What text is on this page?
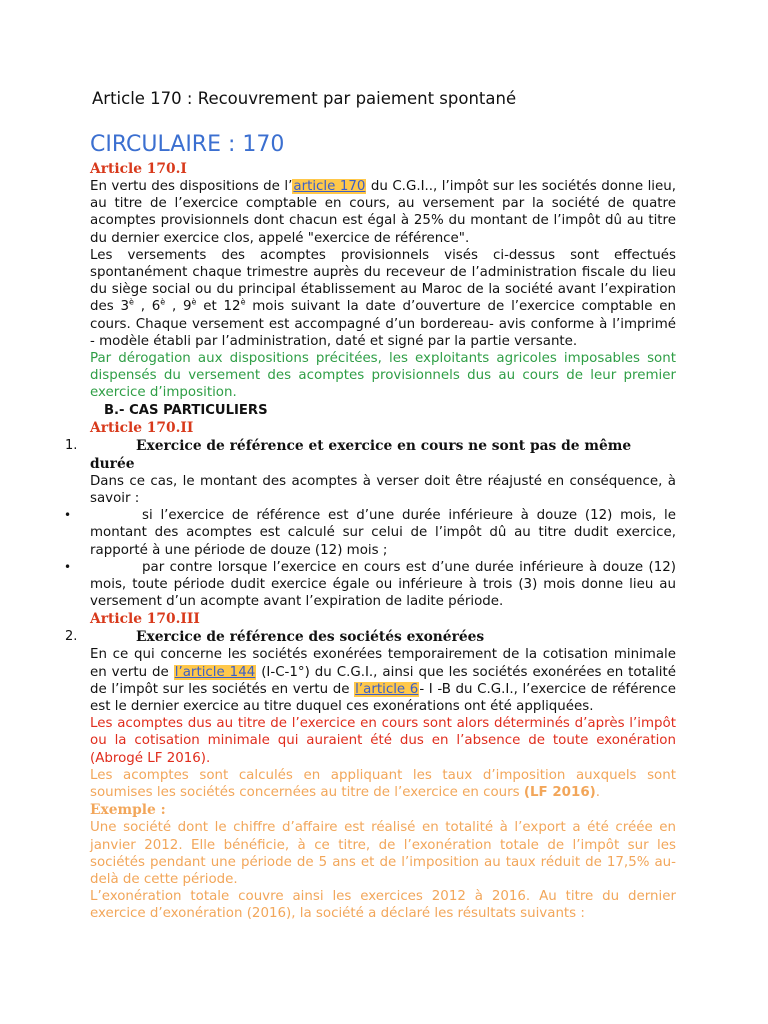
Article 170 : Recouvrement par paiement spontané
CIRCULAIRE : 170
Article 170.I
En vertu des dispositions de l’article 170 du C.G.I.., l’impôt sur les sociétés donne lieu, au titre de l’exercice comptable en cours, au versement par la société de quatre acomptes provisionnels dont chacun est égal à 25% du montant de l’impôt dû au titre du dernier exercice clos, appelé "exercice de référence".
Les versements des acomptes provisionnels visés ci-dessus sont effectués spontanément chaque trimestre auprès du receveur de l’administration fiscale du lieu du siège social ou du principal établissement au Maroc de la société avant l’expiration des $3^è$ , $6^è$ , $9^è$ et $12^è$ mois suivant la date d’ouverture de l’exercice comptable en cours. Chaque versement est accompagné d’un bordereau- avis conforme à l’imprimé - modèle établi par l’administration, daté et signé par la partie versante.
Par dérogation aux dispositions précitées, les exploitants agricoles imposables sont dispensés du versement des acomptes provisionnels dus au cours de leur premier exercice d’imposition.
B.- CAS PARTICULIERS
Article 170.II
1.	Exercice de référence et exercice en cours ne sont pas de même durée
Dans ce cas, le montant des acomptes à verser doit être réajusté en conséquence, à savoir :
•	si l’exercice de référence est d’une durée inférieure à douze (12) mois, le montant des acomptes est calculé sur celui de l’impôt dû au titre dudit exercice, rapporté à une période de douze (12) mois ;
•	par contre lorsque l’exercice en cours est d’une durée inférieure à douze (12) mois, toute période dudit exercice égale ou inférieure à trois (3) mois donne lieu au versement d’un acompte avant l’expiration de ladite période.
Article 170.III
2.	Exercice de référence des sociétés exonérées
En ce qui concerne les sociétés exonérées temporairement de la cotisation minimale en vertu de l’article 144 (I-C-1°) du C.G.I., ainsi que les sociétés exonérées en totalité de l’impôt sur les sociétés en vertu de l’article 6- I -B du C.G.I., l’exercice de référence est le dernier exercice au titre duquel ces exonérations ont été appliquées.
Les acomptes dus au titre de l’exercice en cours sont alors déterminés d’après l’impôt ou la cotisation minimale qui auraient été dus en l’absence de toute exonération (Abrogé LF 2016).
Les acomptes sont calculés en appliquant les taux d’imposition auxquels sont soumises les sociétés concernées au titre de l’exercice en cours (LF 2016).
Exemple :
Une société dont le chiffre d’affaire est réalisé en totalité à l’export a été créée en janvier 2012. Elle bénéficie, à ce titre, de l’exonération totale de l’impôt sur les sociétés pendant une période de 5 ans et de l’imposition au taux réduit de 17,5% au-delà de cette période.
L’exonération totale couvre ainsi les exercices 2012 à 2016. Au titre du dernier exercice d’exonération (2016), la société a déclaré les résultats suivants :
